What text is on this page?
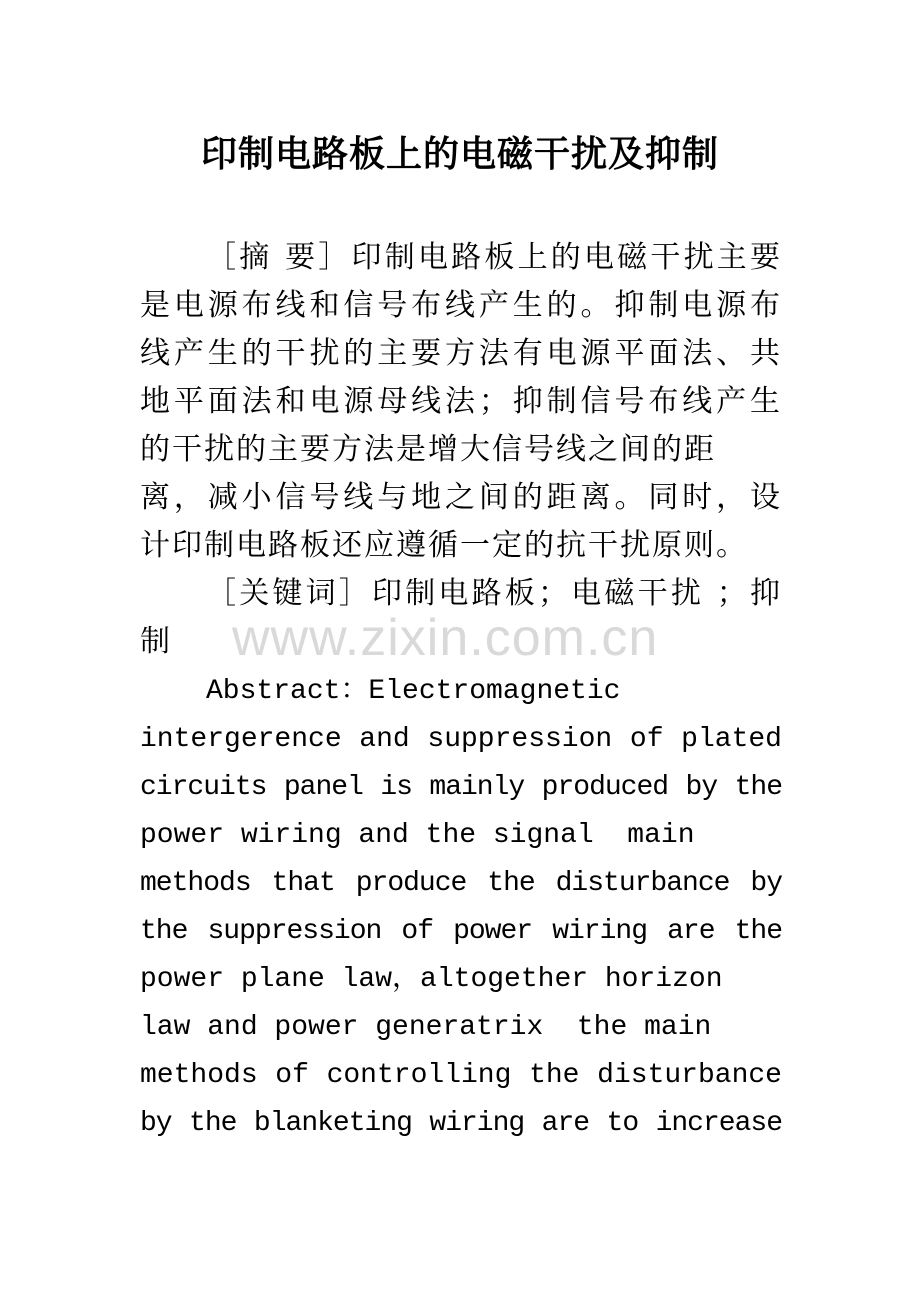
印制电路板上的电磁干扰及抑制
［摘 要］印制电路板上的电磁干扰主要
是电源布线和信号布线产生的。抑制电源布
线产生的干扰的主要方法有电源平面法、共
地平面法和电源母线法；抑制信号布线产生
的干扰的主要方法是增大信号线之间的距
离，减小信号线与地之间的距离。同时，设
计印制电路板还应遵循一定的抗干扰原则。
［关键词］印制电路板；电磁干扰 ；抑
制	www.zixin.com.cn
Abstract：Electromagnetic
intergerence and suppression of plated
circuits panel is mainly produced by the
power wiring and the signal  main
methods that produce the disturbance by
the suppression of power wiring are the
power plane law，altogether horizon
law and power generatrix  the main
methods of controlling the disturbance
by the blanketing wiring are to increase
